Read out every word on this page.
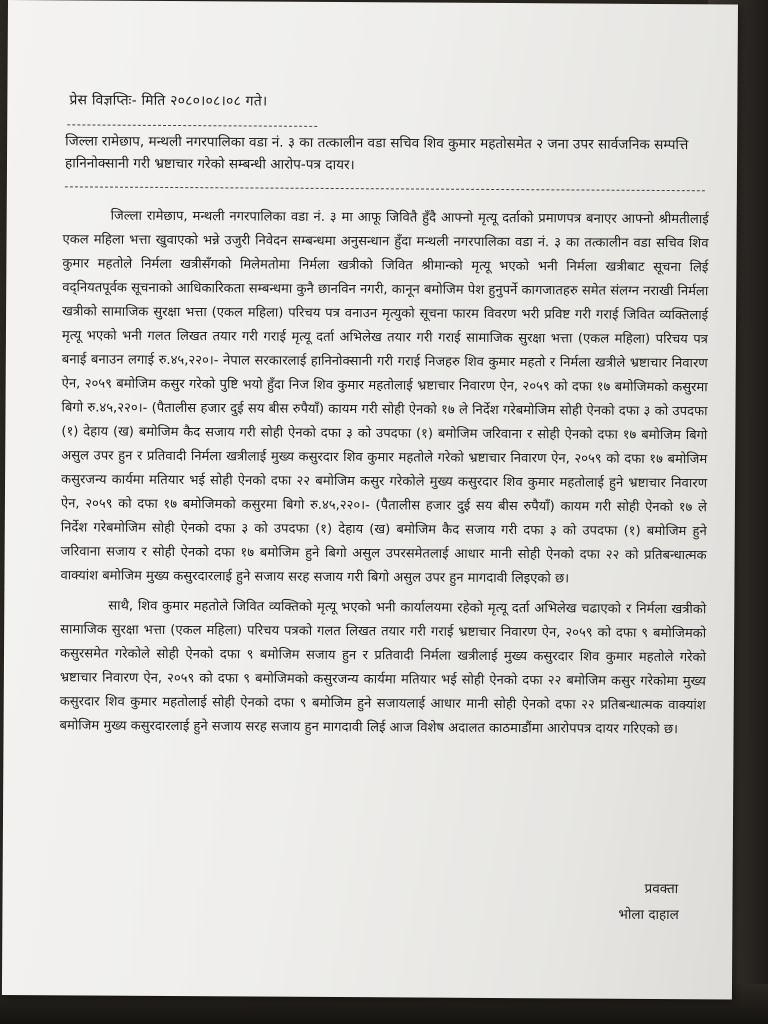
प्रेस विज्ञप्तिः- मिति २०८०।०८।०८ गते।
जिल्ला रामेछाप, मन्थली नगरपालिका वडा नं. ३ का तत्कालीन वडा सचिव शिव कुमार महतोसमेत २ जना उपर सार्वजनिक सम्पत्ति हानिनोक्सानी गरी भ्रष्टाचार गरेको सम्बन्धी आरोप-पत्र दायर।

जिल्ला रामेछाप, मन्थली नगरपालिका वडा नं. ३ मा आफू जिवितै हुँदै आफ्नो मृत्यू दर्ताको प्रमाणपत्र बनाएर आफ्नो श्रीमतीलाई एकल महिला भत्ता खुवाएको भन्ने उजुरी निवेदन सम्बन्धमा अनुसन्धान हुँदा मन्थली नगरपालिका वडा नं. ३ का तत्कालीन वडा सचिव शिव कुमार महतोले निर्मला खत्रीसँगको मिलेमतोमा निर्मला खत्रीको जिवित श्रीमान्को मृत्यू भएको भनी निर्मला खत्रीबाट सूचना लिई वद्नियतपूर्वक सूचनाको आधिकारिकता सम्बन्धमा कुनै छानविन नगरी, कानून बमोजिम पेश हुनुपर्ने कागजातहरु समेत संलग्न नराखी निर्मला खत्रीको सामाजिक सुरक्षा भत्ता (एकल महिला) परिचय पत्र वनाउन मृत्युको सूचना फारम विवरण भरी प्रविष्ट गरी गराई जिवित व्यक्तिलाई मृत्यू भएको भनी गलत लिखत तयार गरी गराई मृत्यू दर्ता अभिलेख तयार गरी गराई सामाजिक सुरक्षा भत्ता (एकल महिला) परिचय पत्र बनाई बनाउन लगाई रु.४५,२२०।- नेपाल सरकारलाई हानिनोक्सानी गरी गराई निजहरु शिव कुमार महतो र निर्मला खत्रीले भ्रष्टाचार निवारण ऐन, २०५९ बमोजिम कसुर गरेको पुष्टि भयो हुँदा निज शिव कुमार महतोलाई भ्रष्टाचार निवारण ऐन, २०५९ को दफा १७ बमोजिमको कसुरमा बिगो रु.४५,२२०।- (पैतालीस हजार दुई सय बीस रुपैयाँ) कायम गरी सोही ऐनको १७ ले निर्देश गरेबमोजिम सोही ऐनको दफा ३ को उपदफा (१) देहाय (ख) बमोजिम कैद सजाय गरी सोही ऐनको दफा ३ को उपदफा (१) बमोजिम जरिवाना र सोही ऐनको दफा १७ बमोजिम बिगो असुल उपर हुन र प्रतिवादी निर्मला खत्रीलाई मुख्य कसुरदार शिव कुमार महतोले गरेको भ्रष्टाचार निवारण ऐन, २०५९ को दफा १७ बमोजिम कसुरजन्य कार्यमा मतियार भई सोही ऐनको दफा २२ बमोजिम कसुर गरेकोले मुख्य कसुरदार शिव कुमार महतोलाई हुने भ्रष्टाचार निवारण ऐन, २०५९ को दफा १७ बमोजिमको कसुरमा बिगो रु.४५,२२०।- (पैतालीस हजार दुई सय बीस रुपैयाँ) कायम गरी सोही ऐनको १७ ले निर्देश गरेबमोजिम सोही ऐनको दफा ३ को उपदफा (१) देहाय (ख) बमोजिम कैद सजाय गरी दफा ३ को उपदफा (१) बमोजिम हुने जरिवाना सजाय र सोही ऐनको दफा १७ बमोजिम हुने बिगो असुल उपरसमेतलाई आधार मानी सोही ऐनको दफा २२ को प्रतिबन्धात्मक वाक्यांश बमोजिम मुख्य कसुरदारलाई हुने सजाय सरह सजाय गरी बिगो असुल उपर हुन मागदावी लिइएको छ।

साथै, शिव कुमार महतोले जिवित व्यक्तिको मृत्यू भएको भनी कार्यालयमा रहेको मृत्यू दर्ता अभिलेख चढाएको र निर्मला खत्रीको सामाजिक सुरक्षा भत्ता (एकल महिला) परिचय पत्रको गलत लिखत तयार गरी गराई भ्रष्टाचार निवारण ऐन, २०५९ को दफा ९ बमोजिमको कसुरसमेत गरेकोले सोही ऐनको दफा ९ बमोजिम सजाय हुन र प्रतिवादी निर्मला खत्रीलाई मुख्य कसुरदार शिव कुमार महतोले गरेको भ्रष्टाचार निवारण ऐन, २०५९ को दफा ९ बमोजिमको कसुरजन्य कार्यमा मतियार भई सोही ऐनको दफा २२ बमोजिम कसुर गरेकोमा मुख्य कसुरदार शिव कुमार महतोलाई सोही ऐनको दफा ९ बमोजिम हुने सजायलाई आधार मानी सोही ऐनको दफा २२ प्रतिबन्धात्मक वाक्यांश बमोजिम मुख्य कसुरदारलाई हुने सजाय सरह सजाय हुन मागदावी लिई आज विशेष अदालत काठमाडौंमा आरोपपत्र दायर गरिएको छ।

प्रवक्ता
भोला दाहाल
